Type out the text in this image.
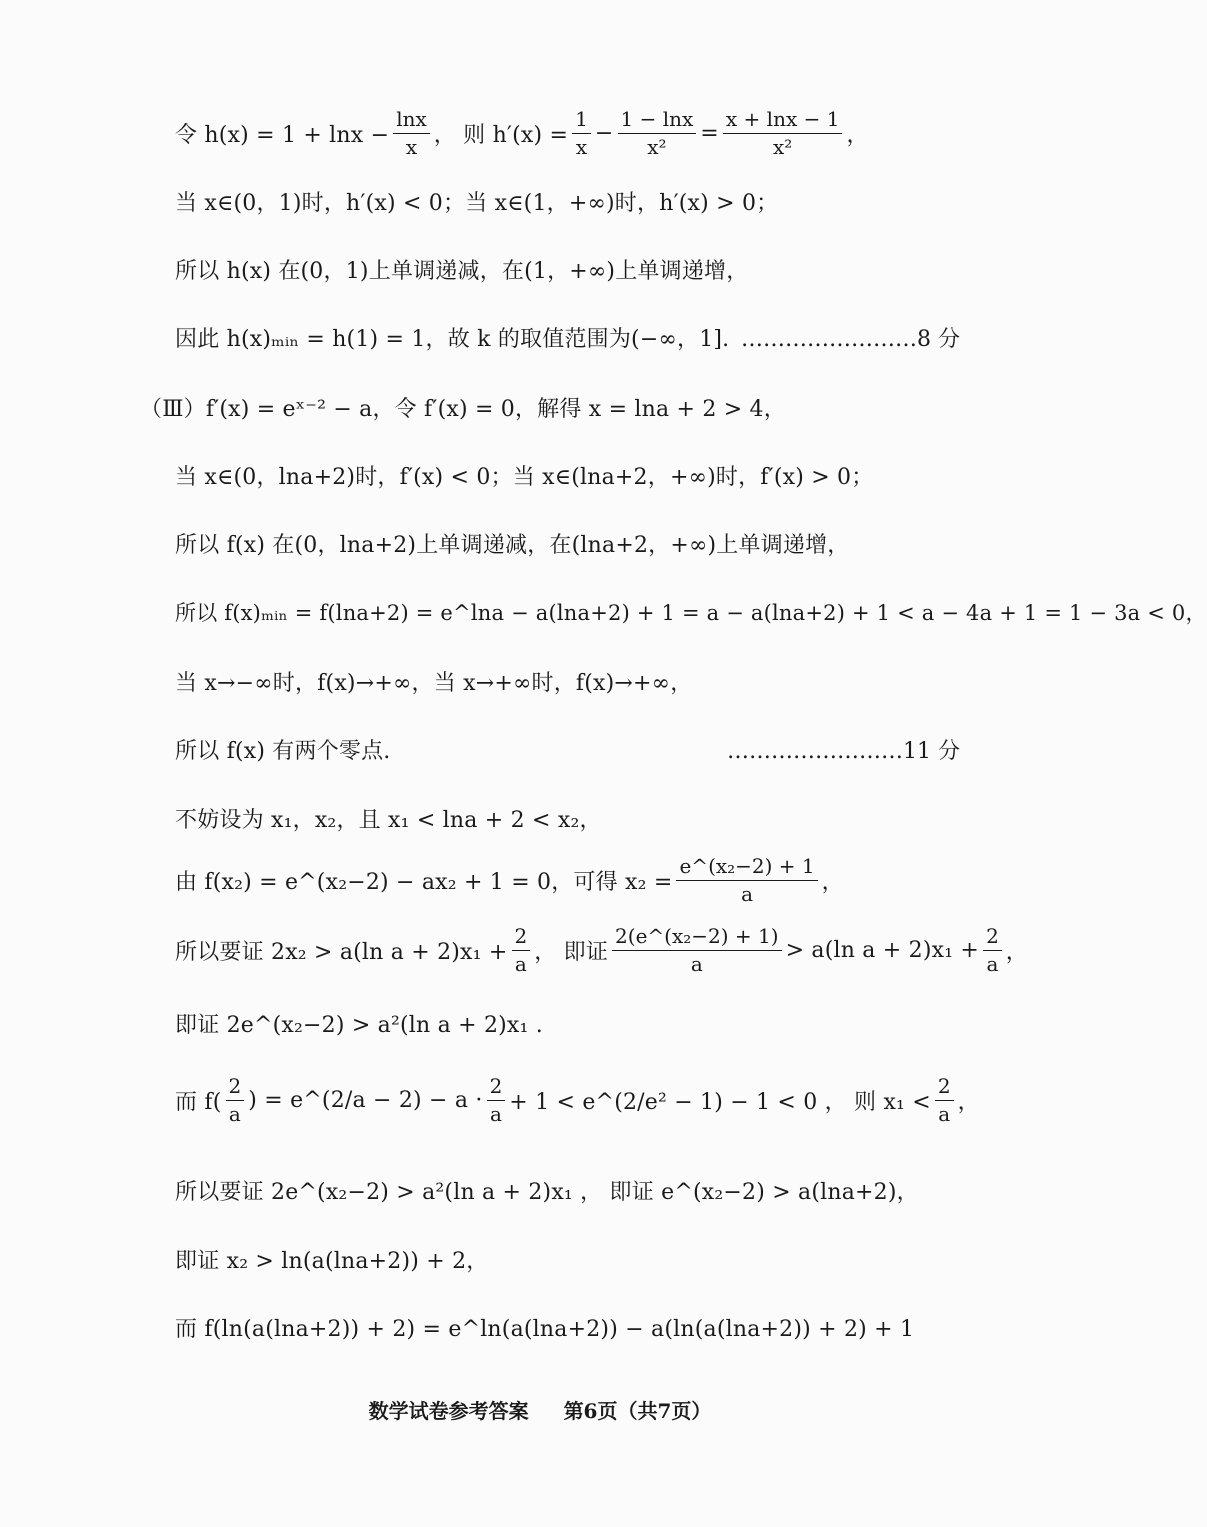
令 $h(x) = 1 + \ln x - \frac{\ln x}{x}$ ， 则 $h'(x) = \frac{1}{x} - \frac{1 - \ln x}{\text{x²}} = \frac{x + \ln x - 1}{\text{x²}}$ ，
当 x∈(0，1)时，h′(x) < 0；当 x∈(1，+∞)时，h′(x) > 0；
所以 h(x) 在(0，1)上单调递减，在(1，+∞)上单调递增，
因此 h(x)ₘᵢₙ = h(1) = 1，故 k 的取值范围为(−∞，1]. ……………………8 分
（Ⅲ）f′(x) = eˣ⁻² − a，令 f′(x) = 0，解得 x = lna + 2 > 4，
当 x∈(0，lna+2)时，f′(x) < 0；当 x∈(lna+2，+∞)时，f′(x) > 0；
所以 f(x) 在(0，lna+2)上单调递减，在(lna+2，+∞)上单调递增，
所以 f(x)ₘᵢₙ = f(lna+2) = e^lna − a(lna+2) + 1 = a − a(lna+2) + 1 < a − 4a + 1 = 1 − 3a < 0，
当 x→−∞时，f(x)→+∞，当 x→+∞时，f(x)→+∞，
所以 f(x) 有两个零点.	……………………11 分
不妨设为 x₁，x₂，且 x₁ < lna + 2 < x₂，
由 f(x₂) = e^(x₂−2) − ax₂ + 1 = 0，可得 $x_2 = \frac{\text{e\textasciicircum{}(x₂−2) + 1}}{a}$ ，
所以要证 2x₂ > a(ln $a + 2)x_1 + \frac{2}{a}$ ， 即证 $\frac{\text{2(e\textasciicircum{}(x₂−2) + 1)}}{a} > a(\ln$ $a + 2)x_1 + \frac{2}{a}$ ，
即证 2e^(x₂−2) > a²(ln a + 2)x₁ .
而 $f( \frac{2}{a}$ ) = e^(2/a − $2) - a \cdot \frac{2}{a} + 1$ < e^(2/e² − 1) − 1 < 0 ， 则 $x_1 < \frac{2}{a}$ ，
所以要证 2e^(x₂−2) > a²(ln a + 2)x₁ ， 即证 e^(x₂−2) > a(lna+2)，
即证 x₂ > ln(a(lna+2)) + 2，
而 f(ln(a(lna+2)) + 2) = e^ln(a(lna+2)) − a(ln(a(lna+2)) + 2) + 1
数学试卷参考答案 第6页（共7页）
